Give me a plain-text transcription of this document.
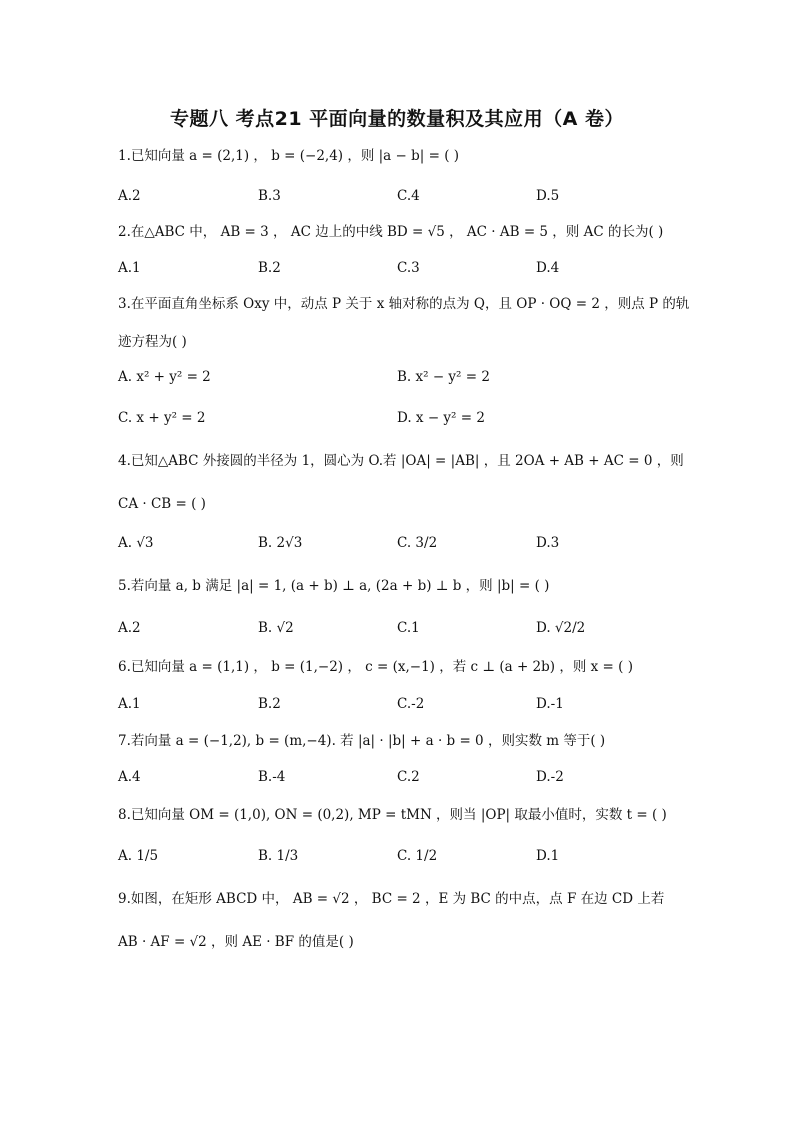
专题八 考点21 平面向量的数量积及其应用（A 卷）
1.已知向量 a = (2,1) ， b = (−2,4) ，则 |a − b| = ( )
A.2	B.3	C.4	D.5
2.在△ABC 中， AB = 3 ， AC 边上的中线 BD = √5 ， AC · AB = 5 ，则 AC 的长为( )
A.1	B.2	C.3	D.4
3.在平面直角坐标系 Oxy 中，动点 P 关于 x 轴对称的点为 Q，且 OP · OQ = 2 ，则点 P 的轨
迹方程为( )
A. x² + y² = 2	B. x² − y² = 2
C. x + y² = 2	D. x − y² = 2
4.已知△ABC 外接圆的半径为 1，圆心为 O.若 |OA| = |AB| ，且 2OA + AB + AC = 0 ，则
CA · CB = ( )
A. √3	B. 2√3	C. 3/2	D.3
5.若向量 a, b 满足 |a| = 1, (a + b) ⊥ a, (2a + b) ⊥ b ，则 |b| = ( )
A.2	B. √2	C.1	D. √2/2
6.已知向量 a = (1,1) ， b = (1,−2) ， c = (x,−1) ，若 c ⊥ (a + 2b) ，则 x = ( )
A.1	B.2	C.-2	D.-1
7.若向量 a = (−1,2), b = (m,−4). 若 |a| · |b| + a · b = 0 ，则实数 m 等于( )
A.4	B.-4	C.2	D.-2
8.已知向量 OM = (1,0), ON = (0,2), MP = tMN ，则当 |OP| 取最小值时，实数 t = ( )
A. 1/5	B. 1/3	C. 1/2	D.1
9.如图，在矩形 ABCD 中， AB = √2 ， BC = 2 ，E 为 BC 的中点，点 F 在边 CD 上若
AB · AF = √2 ，则 AE · BF 的值是( )
